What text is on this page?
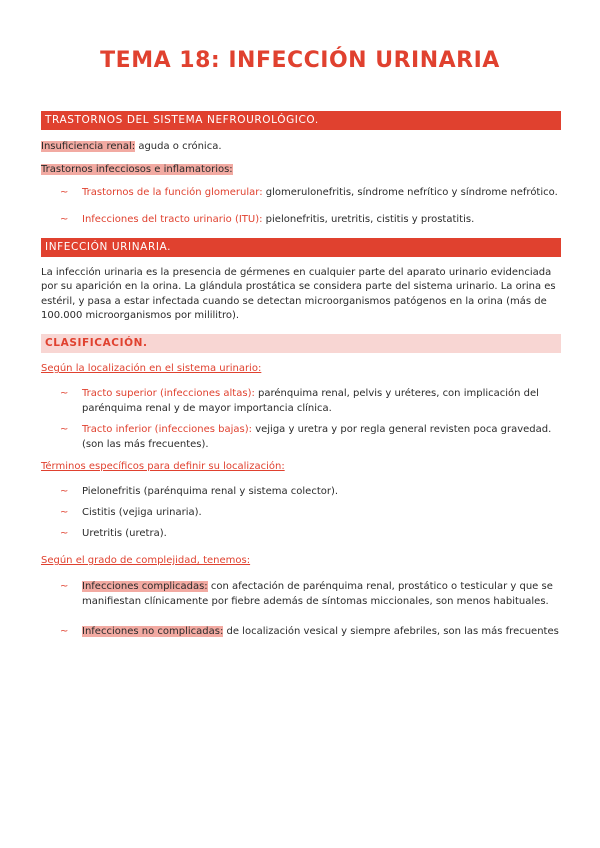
TEMA 18: INFECCIÓN URINARIA
TRASTORNOS DEL SISTEMA NEFROUROLÓGICO.
Insuficiencia renal: aguda o crónica.
Trastornos infecciosos e inflamatorios:
~ Trastornos de la función glomerular: glomerulonefritis, síndrome nefrítico y síndrome nefrótico.
~ Infecciones del tracto urinario (ITU): pielonefritis, uretritis, cistitis y prostatitis.
INFECCIÓN URINARIA.
La infección urinaria es la presencia de gérmenes en cualquier parte del aparato urinario evidenciada por su aparición en la orina. La glándula prostática se considera parte del sistema urinario. La orina es estéril, y pasa a estar infectada cuando se detectan microorganismos patógenos en la orina (más de 100.000 microorganismos por mililitro).
CLASIFICACIÓN.
Según la localización en el sistema urinario:
~ Tracto superior (infecciones altas): parénquima renal, pelvis y uréteres, con implicación del parénquima renal y de mayor importancia clínica.
~ Tracto inferior (infecciones bajas): vejiga y uretra y por regla general revisten poca gravedad. (son las más frecuentes).
Términos específicos para definir su localización:
~ Pielonefritis (parénquima renal y sistema colector).
~ Cistitis (vejiga urinaria).
~ Uretritis (uretra).
Según el grado de complejidad, tenemos:
~ Infecciones complicadas: con afectación de parénquima renal, prostático o testicular y que se manifiestan clínicamente por fiebre además de síntomas miccionales, son menos habituales.
~ Infecciones no complicadas: de localización vesical y siempre afebriles, son las más frecuentes
